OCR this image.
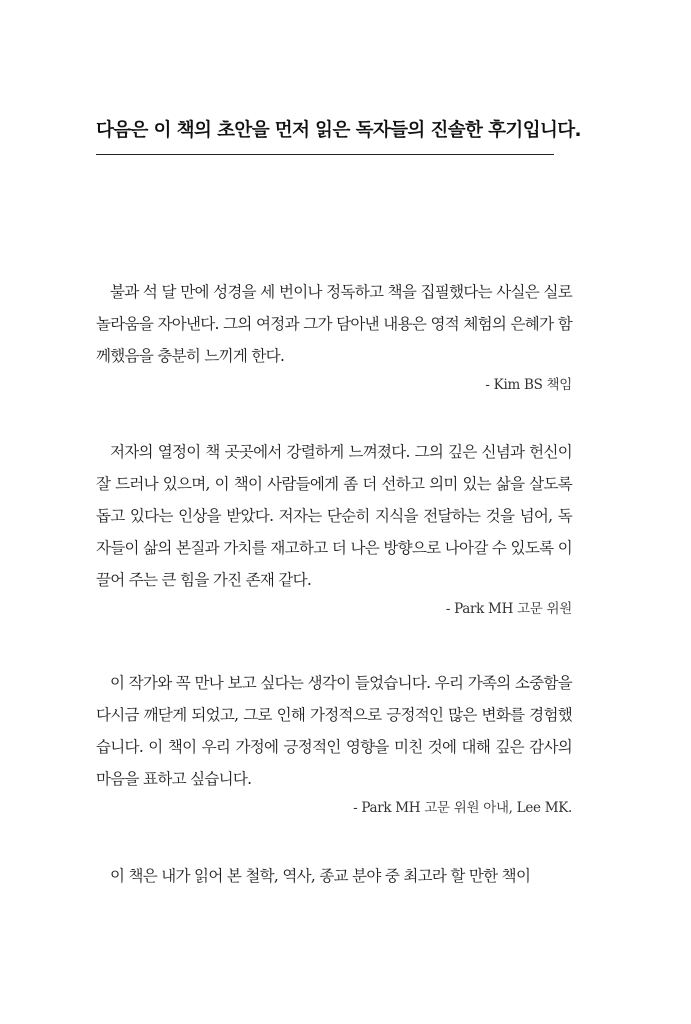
다음은 이 책의 초안을 먼저 읽은 독자들의 진솔한 후기입니다.

불과 석 달 만에 성경을 세 번이나 정독하고 책을 집필했다는 사실은 실로 놀라움을 자아낸다. 그의 여정과 그가 담아낸 내용은 영적 체험의 은혜가 함께했음을 충분히 느끼게 한다.

- Kim BS 책임

저자의 열정이 책 곳곳에서 강렬하게 느껴졌다. 그의 깊은 신념과 헌신이 잘 드러나 있으며, 이 책이 사람들에게 좀 더 선하고 의미 있는 삶을 살도록 돕고 있다는 인상을 받았다. 저자는 단순히 지식을 전달하는 것을 넘어, 독자들이 삶의 본질과 가치를 재고하고 더 나은 방향으로 나아갈 수 있도록 이끌어 주는 큰 힘을 가진 존재 같다.

- Park MH 고문 위원

이 작가와 꼭 만나 보고 싶다는 생각이 들었습니다. 우리 가족의 소중함을 다시금 깨닫게 되었고, 그로 인해 가정적으로 긍정적인 많은 변화를 경험했습니다. 이 책이 우리 가정에 긍정적인 영향을 미친 것에 대해 깊은 감사의 마음을 표하고 싶습니다.

- Park MH 고문 위원 아내, Lee MK.

이 책은 내가 읽어 본 철학, 역사, 종교 분야 중 최고라 할 만한 책이
